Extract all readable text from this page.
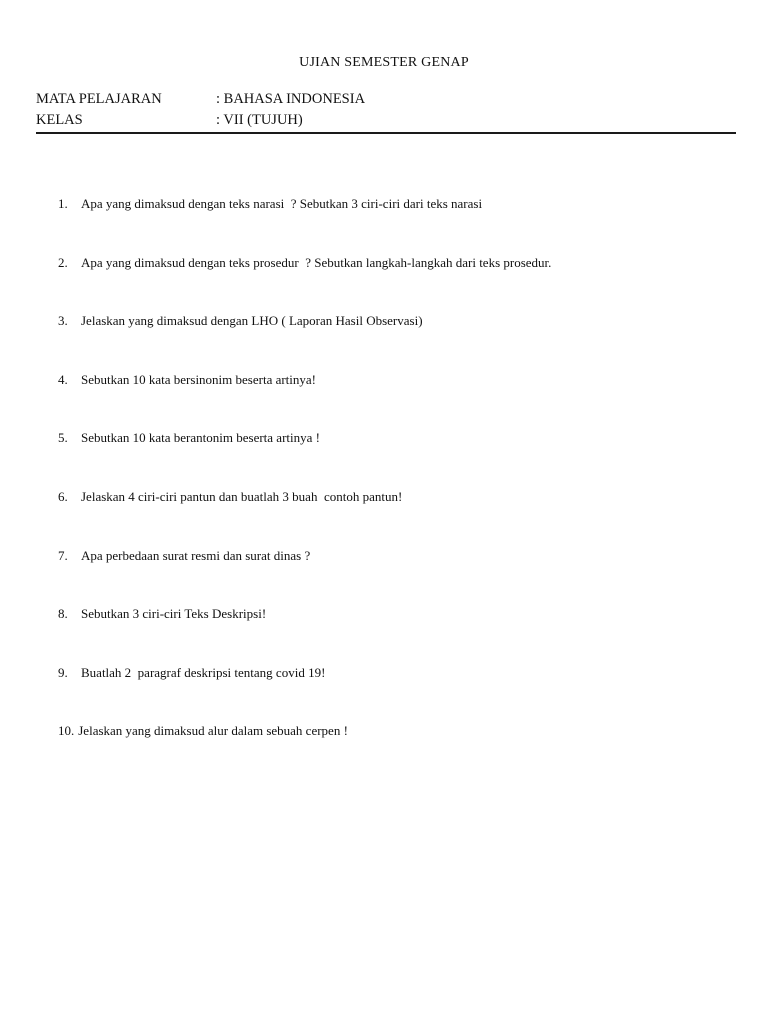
UJIAN SEMESTER GENAP
MATA PELAJARAN	: BAHASA INDONESIA
KELAS	: VII (TUJUH)
1. Apa yang dimaksud dengan teks narasi  ? Sebutkan 3 ciri-ciri dari teks narasi
2. Apa yang dimaksud dengan teks prosedur  ? Sebutkan langkah-langkah dari teks prosedur.
3. Jelaskan yang dimaksud dengan LHO ( Laporan Hasil Observasi)
4. Sebutkan 10 kata bersinonim beserta artinya!
5. Sebutkan 10 kata berantonim beserta artinya !
6. Jelaskan 4 ciri-ciri pantun dan buatlah 3 buah  contoh pantun!
7. Apa perbedaan surat resmi dan surat dinas ?
8. Sebutkan 3 ciri-ciri Teks Deskripsi!
9. Buatlah 2  paragraf deskripsi tentang covid 19!
10. Jelaskan yang dimaksud alur dalam sebuah cerpen !
